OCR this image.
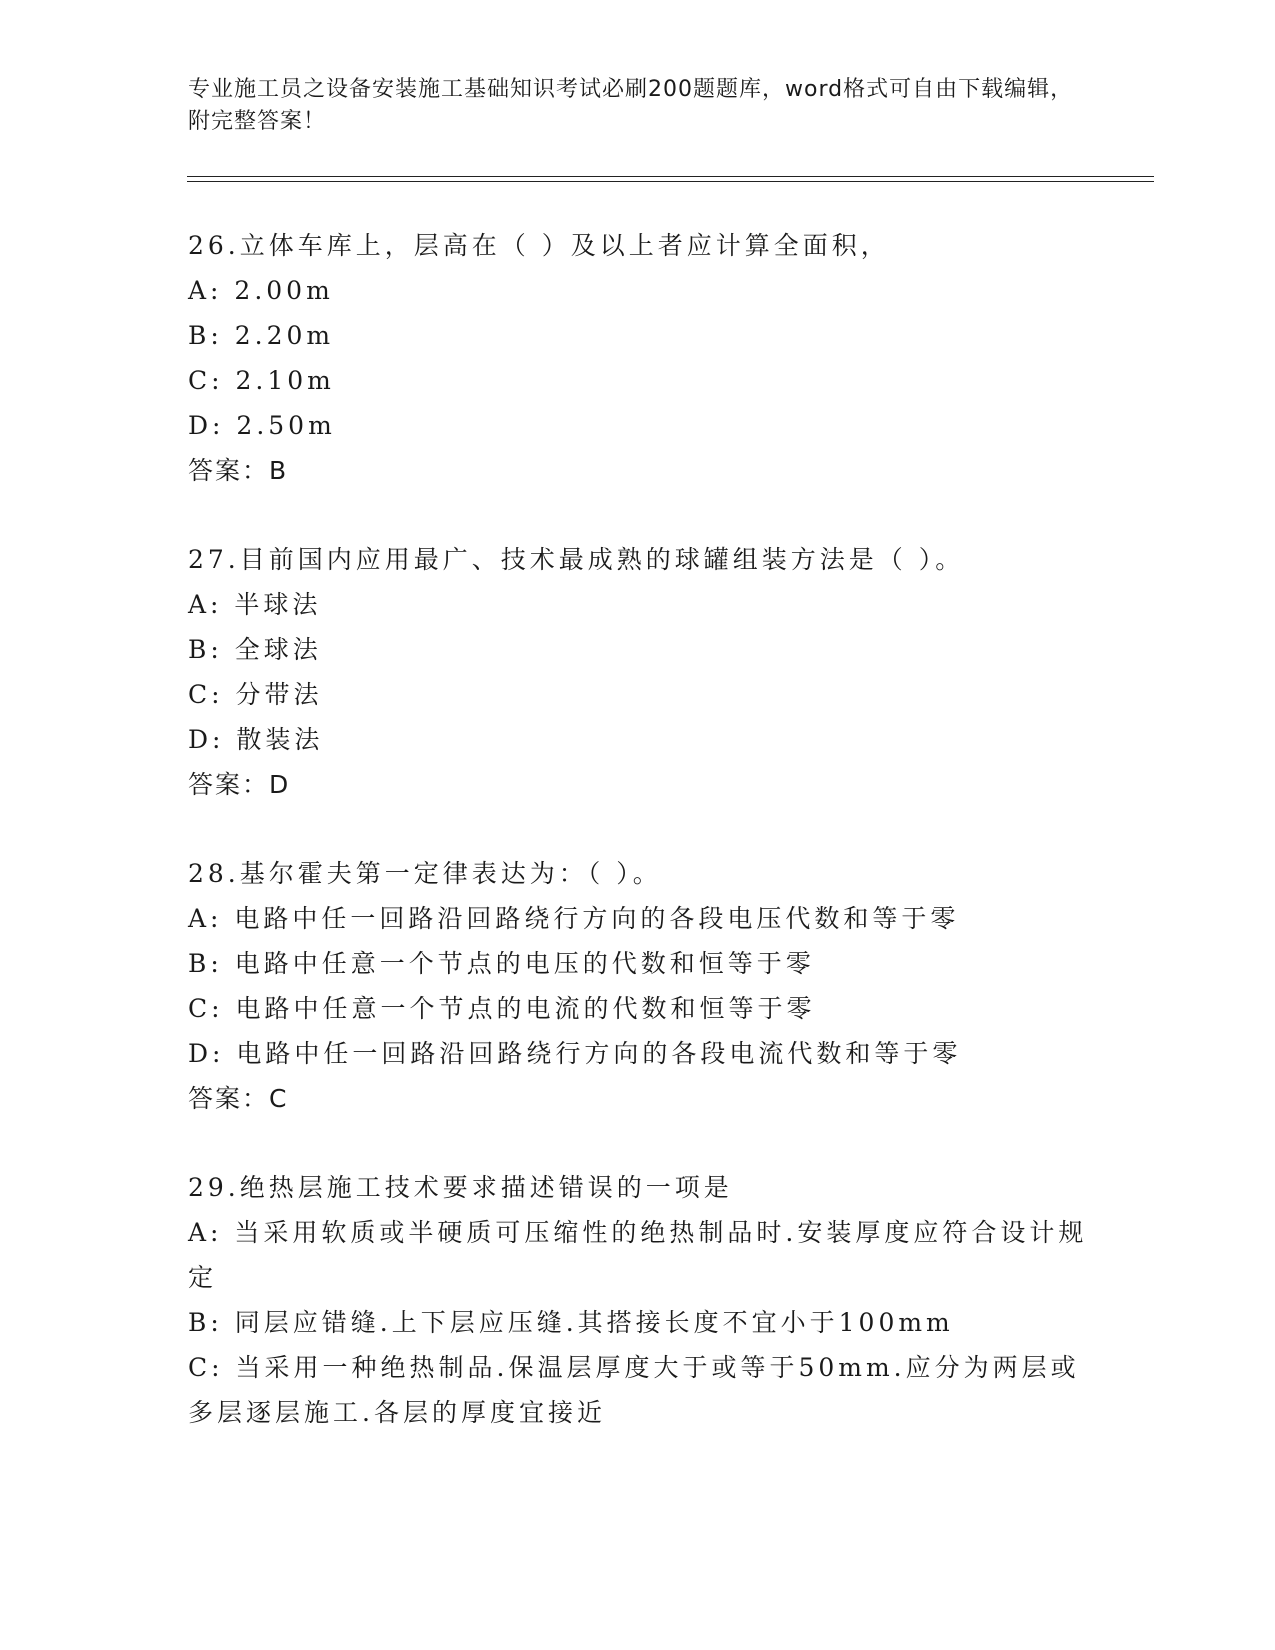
专业施工员之设备安装施工基础知识考试必刷200题题库，word格式可自由下载编辑，附完整答案！
26.立体车库上，层高在（ ）及以上者应计算全面积，
A: 2.00m
B: 2.20m
C: 2.10m
D: 2.50m
答案：B
27.目前国内应用最广、技术最成熟的球罐组装方法是（ ）。
A: 半球法
B: 全球法
C: 分带法
D: 散装法
答案：D
28.基尔霍夫第一定律表达为：（ ）。
A: 电路中任一回路沿回路绕行方向的各段电压代数和等于零
B: 电路中任意一个节点的电压的代数和恒等于零
C: 电路中任意一个节点的电流的代数和恒等于零
D: 电路中任一回路沿回路绕行方向的各段电流代数和等于零
答案：C
29.绝热层施工技术要求描述错误的一项是
A: 当采用软质或半硬质可压缩性的绝热制品时.安装厚度应符合设计规定
B: 同层应错缝.上下层应压缝.其搭接长度不宜小于100mm
C: 当采用一种绝热制品.保温层厚度大于或等于50mm.应分为两层或多层逐层施工.各层的厚度宜接近
